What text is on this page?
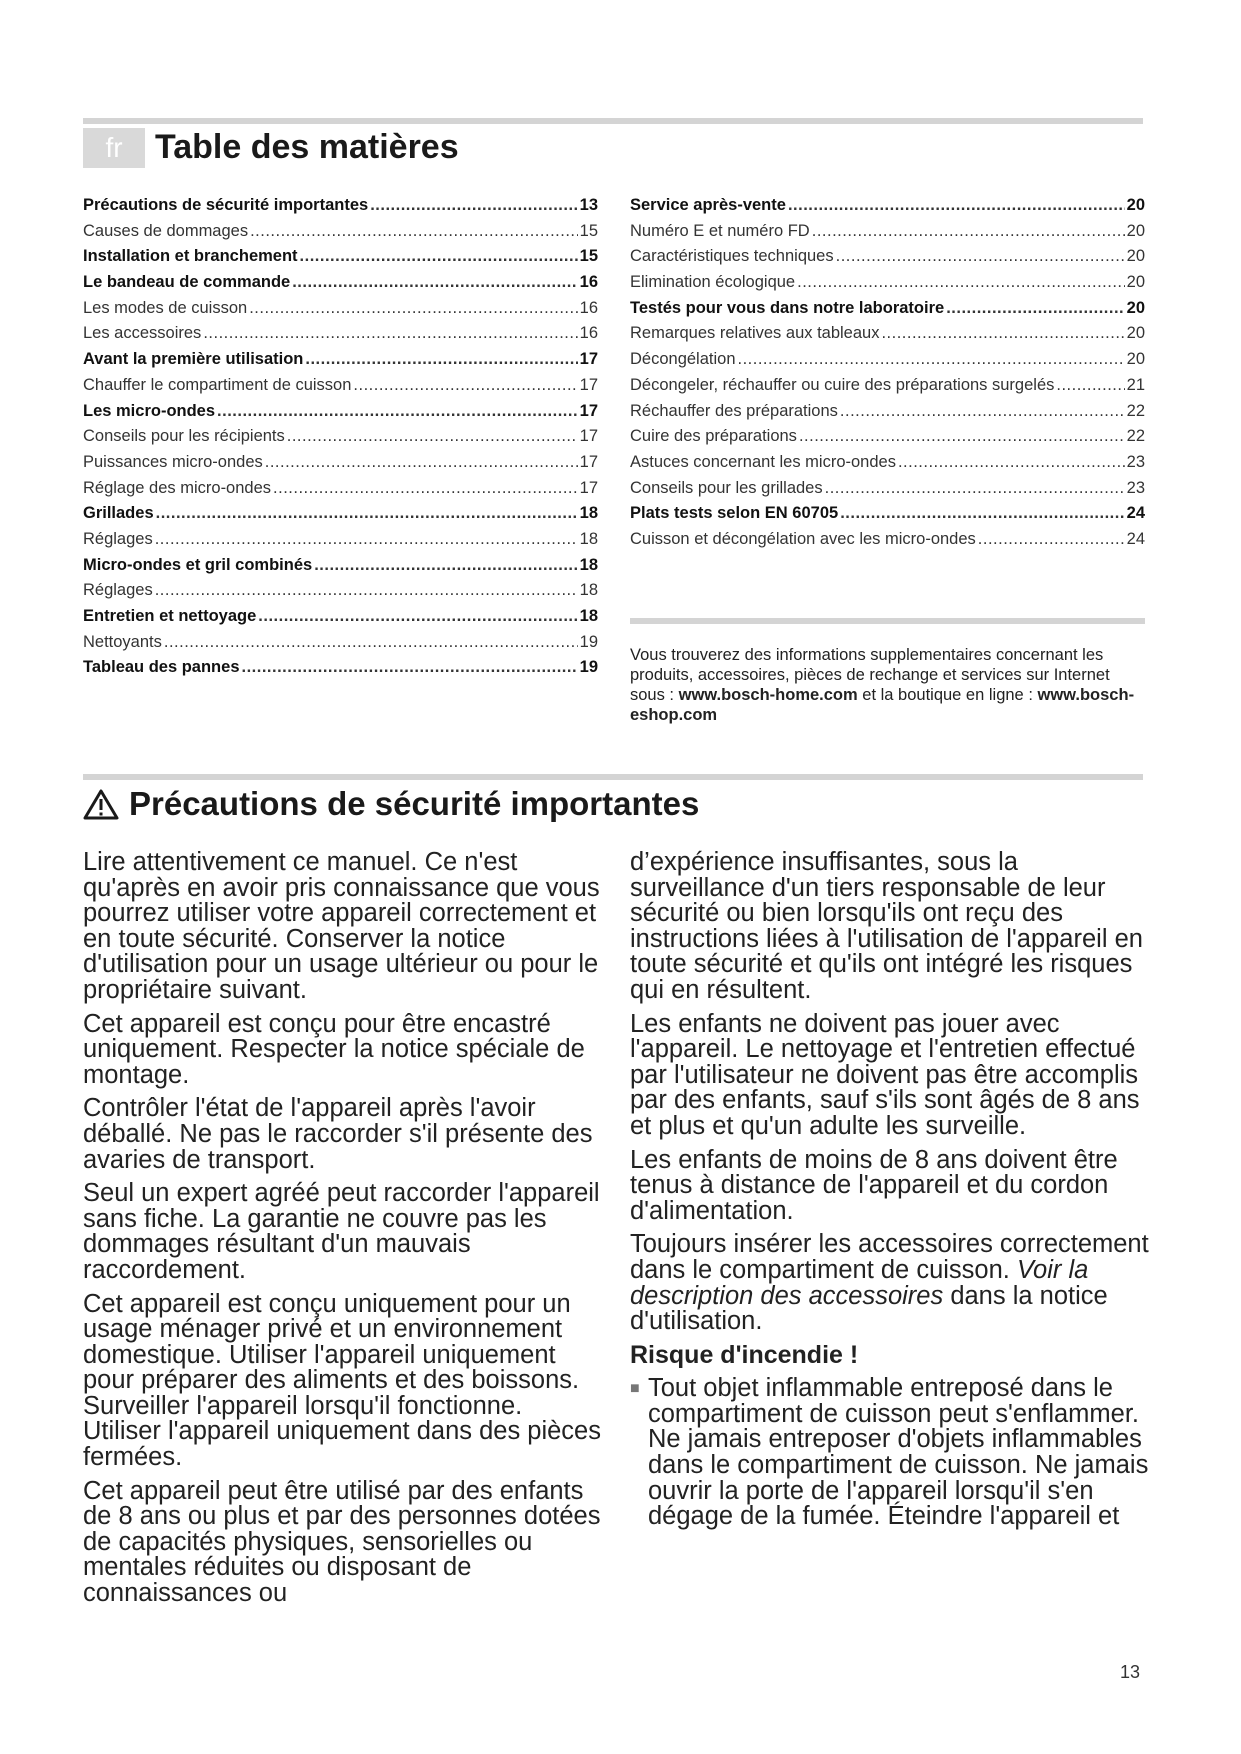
fr Table des matières
Précautions de sécurité importantes .....	13
Causes de dommages .....	15
Installation et branchement .....	15
Le bandeau de commande .....	16
Les modes de cuisson .....	16
Les accessoires .....	16
Avant la première utilisation .....	17
Chauffer le compartiment de cuisson .....	17
Les micro-ondes .....	17
Conseils pour les récipients .....	17
Puissances micro-ondes .....	17
Réglage des micro-ondes .....	17
Grillades .....	18
Réglages .....	18
Micro-ondes et gril combinés .....	18
Réglages .....	18
Entretien et nettoyage .....	18
Nettoyants .....	19
Tableau des pannes .....	19
Service après-vente .....	20
Numéro E et numéro FD .....	20
Caractéristiques techniques .....	20
Elimination écologique .....	20
Testés pour vous dans notre laboratoire .....	20
Remarques relatives aux tableaux .....	20
Décongélation .....	20
Décongeler, réchauffer ou cuire des préparations surgelés .....	21
Réchauffer des préparations .....	22
Cuire des préparations .....	22
Astuces concernant les micro-ondes .....	23
Conseils pour les grillades .....	23
Plats tests selon EN 60705 .....	24
Cuisson et décongélation avec les micro-ondes .....	24

Vous trouverez des informations supplementaires concernant les produits, accessoires, pièces de rechange et services sur Internet sous : www.bosch-home.com et la boutique en ligne : www.bosch-eshop.com

Précautions de sécurité importantes

Lire attentivement ce manuel. Ce n'est qu'après en avoir pris connaissance que vous pourrez utiliser votre appareil correctement et en toute sécurité. Conserver la notice d'utilisation pour un usage ultérieur ou pour le propriétaire suivant.

Cet appareil est conçu pour être encastré uniquement. Respecter la notice spéciale de montage.

Contrôler l'état de l'appareil après l'avoir déballé. Ne pas le raccorder s'il présente des avaries de transport.

Seul un expert agréé peut raccorder l'appareil sans fiche. La garantie ne couvre pas les dommages résultant d'un mauvais raccordement.

Cet appareil est conçu uniquement pour un usage ménager privé et un environnement domestique. Utiliser l'appareil uniquement pour préparer des aliments et des boissons. Surveiller l'appareil lorsqu'il fonctionne. Utiliser l'appareil uniquement dans des pièces fermées.

Cet appareil peut être utilisé par des enfants de 8 ans ou plus et par des personnes dotées de capacités physiques, sensorielles ou mentales réduites ou disposant de connaissances ou

d’expérience insuffisantes, sous la surveillance d'un tiers responsable de leur sécurité ou bien lorsqu'ils ont reçu des instructions liées à l'utilisation de l'appareil en toute sécurité et qu'ils ont intégré les risques qui en résultent.

Les enfants ne doivent pas jouer avec l'appareil. Le nettoyage et l'entretien effectué par l'utilisateur ne doivent pas être accomplis par des enfants, sauf s'ils sont âgés de 8 ans et plus et qu'un adulte les surveille.

Les enfants de moins de 8 ans doivent être tenus à distance de l'appareil et du cordon d'alimentation.

Toujours insérer les accessoires correctement dans le compartiment de cuisson. Voir la description des accessoires dans la notice d'utilisation.

Risque d'incendie !
■ Tout objet inflammable entreposé dans le compartiment de cuisson peut s'enflammer. Ne jamais entreposer d'objets inflammables dans le compartiment de cuisson. Ne jamais ouvrir la porte de l'appareil lorsqu'il s'en dégage de la fumée. Éteindre l'appareil et
13
